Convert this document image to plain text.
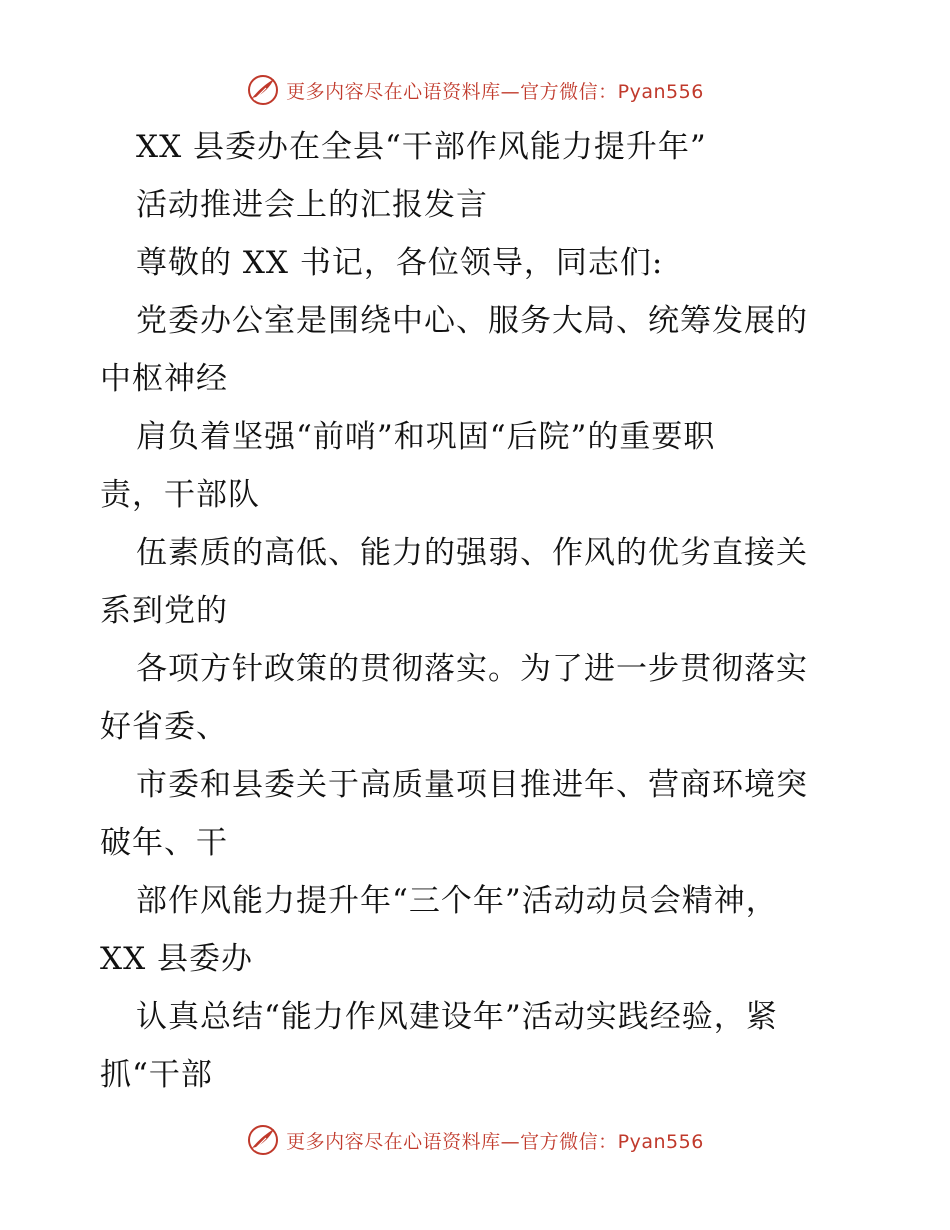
更多内容尽在心语资料库—官方微信：Pyan556
XX 县委办在全县“干部作风能力提升年”
活动推进会上的汇报发言
尊敬的 XX 书记，各位领导，同志们:
党委办公室是围绕中心、服务大局、统筹发展的
中枢神经
肩负着坚强“前哨”和巩固“后院”的重要职
责，干部队
伍素质的高低、能力的强弱、作风的优劣直接关
系到党的
各项方针政策的贯彻落实。为了进一步贯彻落实
好省委、
市委和县委关于高质量项目推进年、营商环境突
破年、干
部作风能力提升年“三个年”活动动员会精神，
XX 县委办
认真总结“能力作风建设年”活动实践经验，紧
抓“干部
更多内容尽在心语资料库—官方微信：Pyan556
